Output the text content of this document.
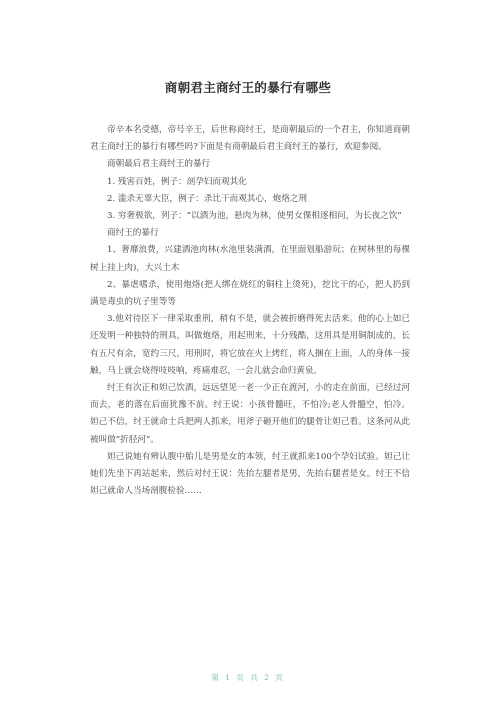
商朝君主商纣王的暴行有哪些

帝辛本名受德，帝号辛王，后世称商纣王，是商朝最后的一个君主，你知道商朝君主商纣王的暴行有哪些吗?下面是有商朝最后君主商纣王的暴行，欢迎参阅。

商朝最后君主商纣王的暴行

1. 残害百姓，例子：剖孕妇而观其化

2. 滥杀无辜大臣，例子：杀比干而观其心，炮烙之刑

3. 穷奢极欲，列子：“以酒为池，悬肉为林，使男女倮相逐相问，为长夜之饮”

商纣王的暴行

1、奢靡浪费，兴建酒池肉林(水池里装满酒，在里面划船游玩；在树林里的每棵树上挂上肉)，大兴土木

2、暴虐嗜杀，使用炮烙(把人绑在烧红的铜柱上烫死)，挖比干的心，把人扔到满是毒虫的坑子里等等

3.他对待臣下一律采取重刑，稍有不是，就会被折磨得死去活来。他的心上如已还发明一种独特的刑具，叫做炮烙，用起刑来，十分残酷，这用具是用铜制成的，长有五尺有余，宽约三尺，用刑时，将它放在火上烤红，将人捆在上面，人的身体一接触，马上就会烧得吱吱响，疼痛难忍，一会儿就会命归黄泉。

纣王有次正和妲己饮酒，远远望见一老一少正在渡河，小的走在前面，已经过河而去，老的落在后面犹豫不前。纣王说：小孩骨髓旺，不怕冷;老人骨髓空，怕冷。妲己不信，纣王就命士兵把两人抓来，用斧子砸开他们的腿骨让妲己看。这条河从此被叫做“折胫河”。

妲己说她有辨认腹中胎儿是男是女的本领，纣王就抓来100个孕妇试验。妲己让她们先坐下再站起来，然后对纣王说：先抬左腿者是男，先抬右腿者是女。纣王不信妲己就命人当场剖腹检验……

第 1 页 共 2 页
